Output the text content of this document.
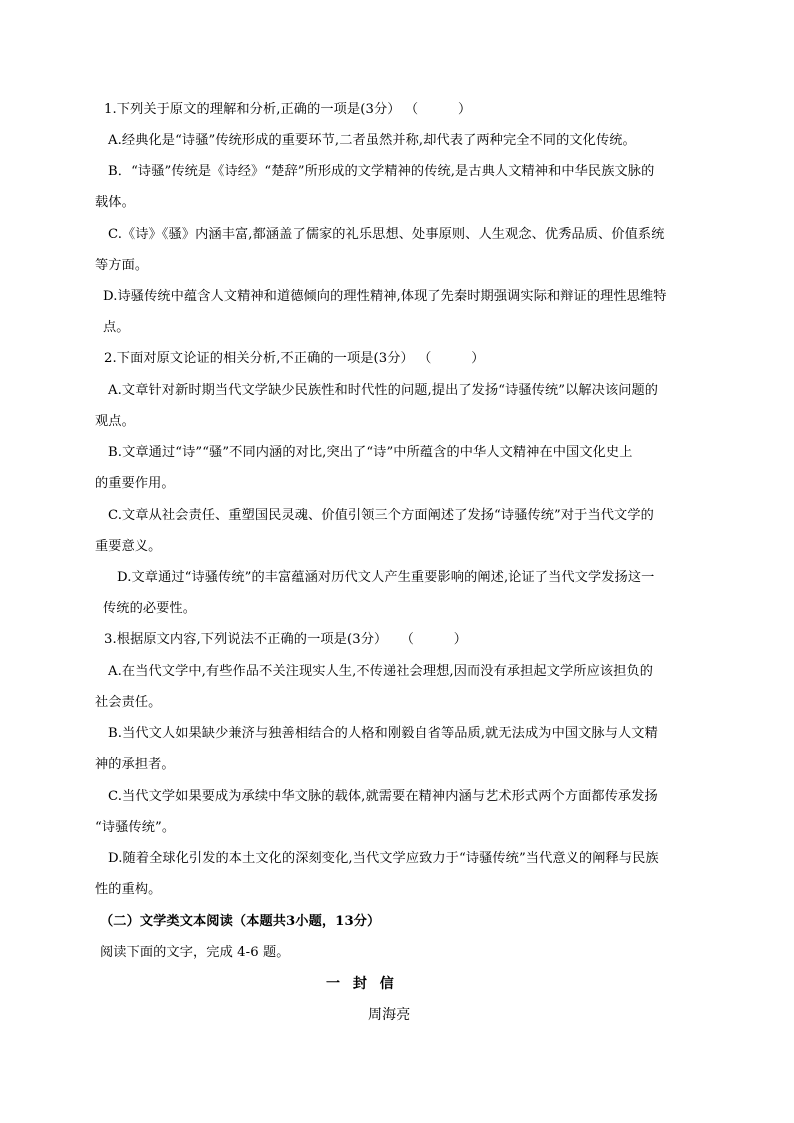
1.下列关于原文的理解和分析,正确的一项是(3分） （　　　）
A.经典化是“诗骚”传统形成的重要环节,二者虽然并称,却代表了两种完全不同的文化传统。
B．“诗骚”传统是《诗经》“楚辞”所形成的文学精神的传统,是古典人文精神和中华民族文脉的
载体。
C.《诗》《骚》内涵丰富,都涵盖了儒家的礼乐思想、处事原则、人生观念、优秀品质、价值系统
等方面。
D.诗骚传统中蕴含人文精神和道德倾向的理性精神,体现了先秦时期强调实际和辩证的理性思维特
点。
2.下面对原文论证的相关分析,不正确的一项是(3分） （　　　）
A.文章针对新时期当代文学缺少民族性和时代性的问题,提出了发扬“诗骚传统”以解决该问题的
观点。
B.文章通过“诗”“骚”不同内涵的对比,突出了“诗”中所蕴含的中华人文精神在中国文化史上
的重要作用。
C.文章从社会责任、重塑国民灵魂、价值引领三个方面阐述了发扬“诗骚传统”对于当代文学的
重要意义。
D.文章通过“诗骚传统”的丰富蕴涵对历代文人产生重要影响的阐述,论证了当代文学发扬这一
传统的必要性。
3.根据原文内容,下列说法不正确的一项是(3分）　　（　　　）
A.在当代文学中,有些作品不关注现实人生,不传递社会理想,因而没有承担起文学所应该担负的
社会责任。
B.当代文人如果缺少兼济与独善相结合的人格和刚毅自省等品质,就无法成为中国文脉与人文精
神的承担者。
C.当代文学如果要成为承续中华文脉的载体,就需要在精神内涵与艺术形式两个方面都传承发扬
“诗骚传统”。
D.随着全球化引发的本土文化的深刻变化,当代文学应致力于“诗骚传统”当代意义的阐释与民族
性的重构。
（二）文学类文本阅读（本题共3小题，13分）
阅读下面的文字，完成 4-6 题。
一 封 信
周海亮
